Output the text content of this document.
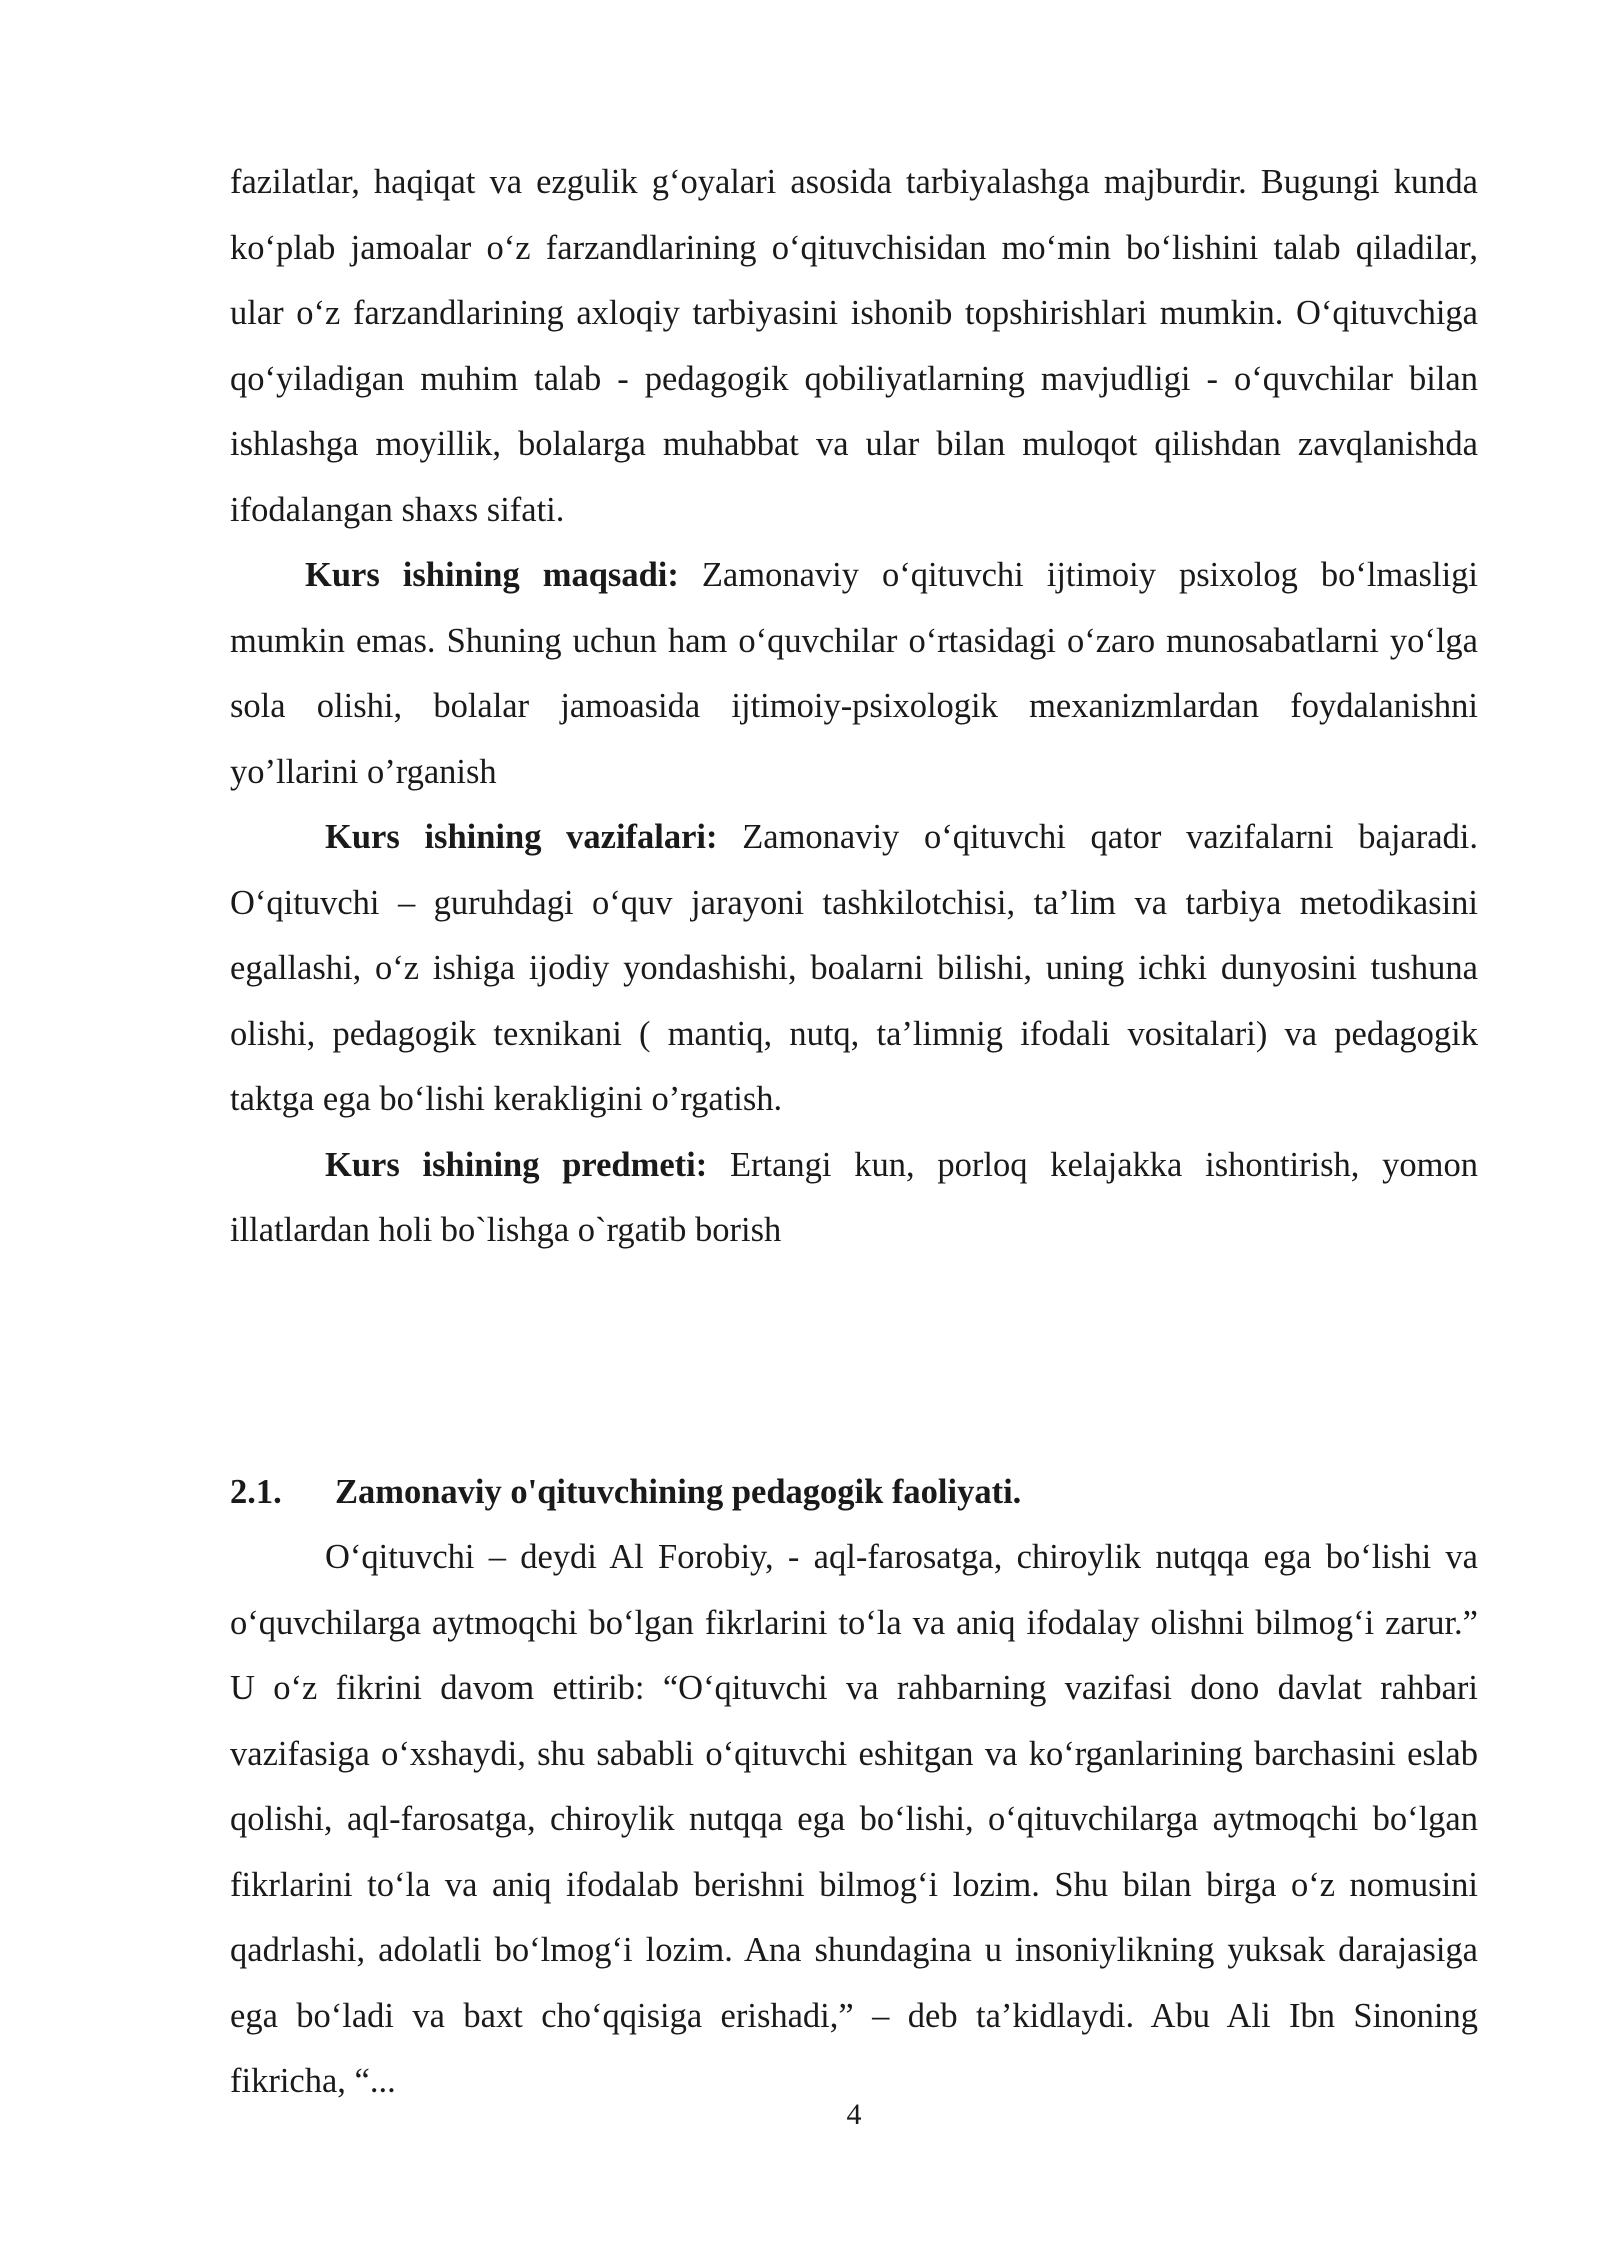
fazilatlar, haqiqat va ezgulik g‘oyalari asosida tarbiyalashga majburdir. Bugungi kunda ko‘plab jamoalar o‘z farzandlarining o‘qituvchisidan mo‘min bo‘lishini talab qiladilar, ular o‘z farzandlarining axloqiy tarbiyasini ishonib topshirishlari mumkin. O‘qituvchiga qo‘yiladigan muhim talab - pedagogik qobiliyatlarning mavjudligi - o‘quvchilar bilan ishlashga moyillik, bolalarga muhabbat va ular bilan muloqot qilishdan zavqlanishda ifodalangan shaxs sifati.

Kurs ishining maqsadi: Zamonaviy o‘qituvchi ijtimoiy psixolog bo‘lmasligi mumkin emas. Shuning uchun ham o‘quvchilar o‘rtasidagi o‘zaro munosabatlarni yo‘lga sola olishi, bolalar jamoasida ijtimoiy-psixologik mexanizmlardan foydalanishni yo’llarini o’rganish

Kurs ishining vazifalari: Zamonaviy o‘qituvchi qator vazifalarni bajaradi. O‘qituvchi – guruhdagi o‘quv jarayoni tashkilotchisi, ta’lim va tarbiya metodikasini egallashi, o‘z ishiga ijodiy yondashishi, boalarni bilishi, uning ichki dunyosini tushuna olishi, pedagogik texnikani ( mantiq, nutq, ta’limnig ifodali vositalari) va pedagogik taktga ega bo‘lishi kerakligini o’rgatish.

Kurs ishining predmeti: Ertangi kun, porloq kelajakka ishontirish, yomon illatlardan holi bo`lishga o`rgatib borish

2.1.	Zamonaviy o'qituvchining pedagogik faoliyati.

O‘qituvchi – deydi Al Forobiy, - aql-farosatga, chiroylik nutqqa ega bo‘lishi va o‘quvchilarga aytmoqchi bo‘lgan fikrlarini to‘la va aniq ifodalay olishni bilmog‘i zarur.” U o‘z fikrini davom ettirib: “O‘qituvchi va rahbarning vazifasi dono davlat rahbari vazifasiga o‘xshaydi, shu sababli o‘qituvchi eshitgan va ko‘rganlarining barchasini eslab qolishi, aql-farosatga, chiroylik nutqqa ega bo‘lishi, o‘qituvchilarga aytmoqchi bo‘lgan fikrlarini to‘la va aniq ifodalab berishni bilmog‘i lozim. Shu bilan birga o‘z nomusini qadrlashi, adolatli bo‘lmog‘i lozim. Ana shundagina u insoniylikning yuksak darajasiga ega bo‘ladi va baxt cho‘qqisiga erishadi,” – deb ta’kidlaydi. Abu Ali Ibn Sinoning fikricha, “...

4
